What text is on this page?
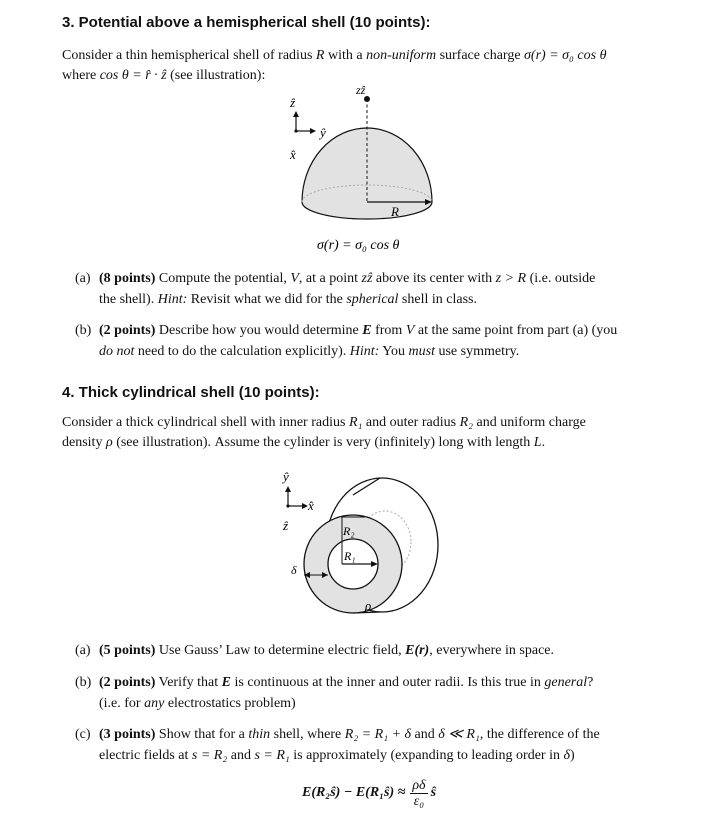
3. Potential above a hemispherical shell (10 points):
Consider a thin hemispherical shell of radius R with a non-uniform surface charge σ(r) = σ₀ cos θ
where cos θ = r̂ · ẑ (see illustration):
ẑ
ŷ
x̂
zẑ
R
σ(r) = σ₀ cos θ
(a) (8 points) Compute the potential, V, at a point zẑ above its center with z > R (i.e. outside
the shell). Hint: Revisit what we did for the spherical shell in class.
(b) (2 points) Describe how you would determine E from V at the same point from part (a) (you
do not need to do the calculation explicitly). Hint: You must use symmetry.
4. Thick cylindrical shell (10 points):
Consider a thick cylindrical shell with inner radius R₁ and outer radius R₂ and uniform charge
density ρ (see illustration). Assume the cylinder is very (infinitely) long with length L.
ŷ
x̂
ẑ	R₂
R₁
δ
ρ
(a) (5 points) Use Gauss’ Law to determine electric field, E(r), everywhere in space.
(b) (2 points) Verify that E is continuous at the inner and outer radii. Is this true in general?
(i.e. for any electrostatics problem)
(c) (3 points) Show that for a thin shell, where R₂ = R₁ + δ and δ ≪ R₁, the difference of the
electric fields at s = R₂ and s = R₁ is approximately (expanding to leading order in δ)
E(R₂ŝ) − E(R₁ŝ) ≈ $\frac{\rho\delta}{\text{ε₀}}$ ŝ
